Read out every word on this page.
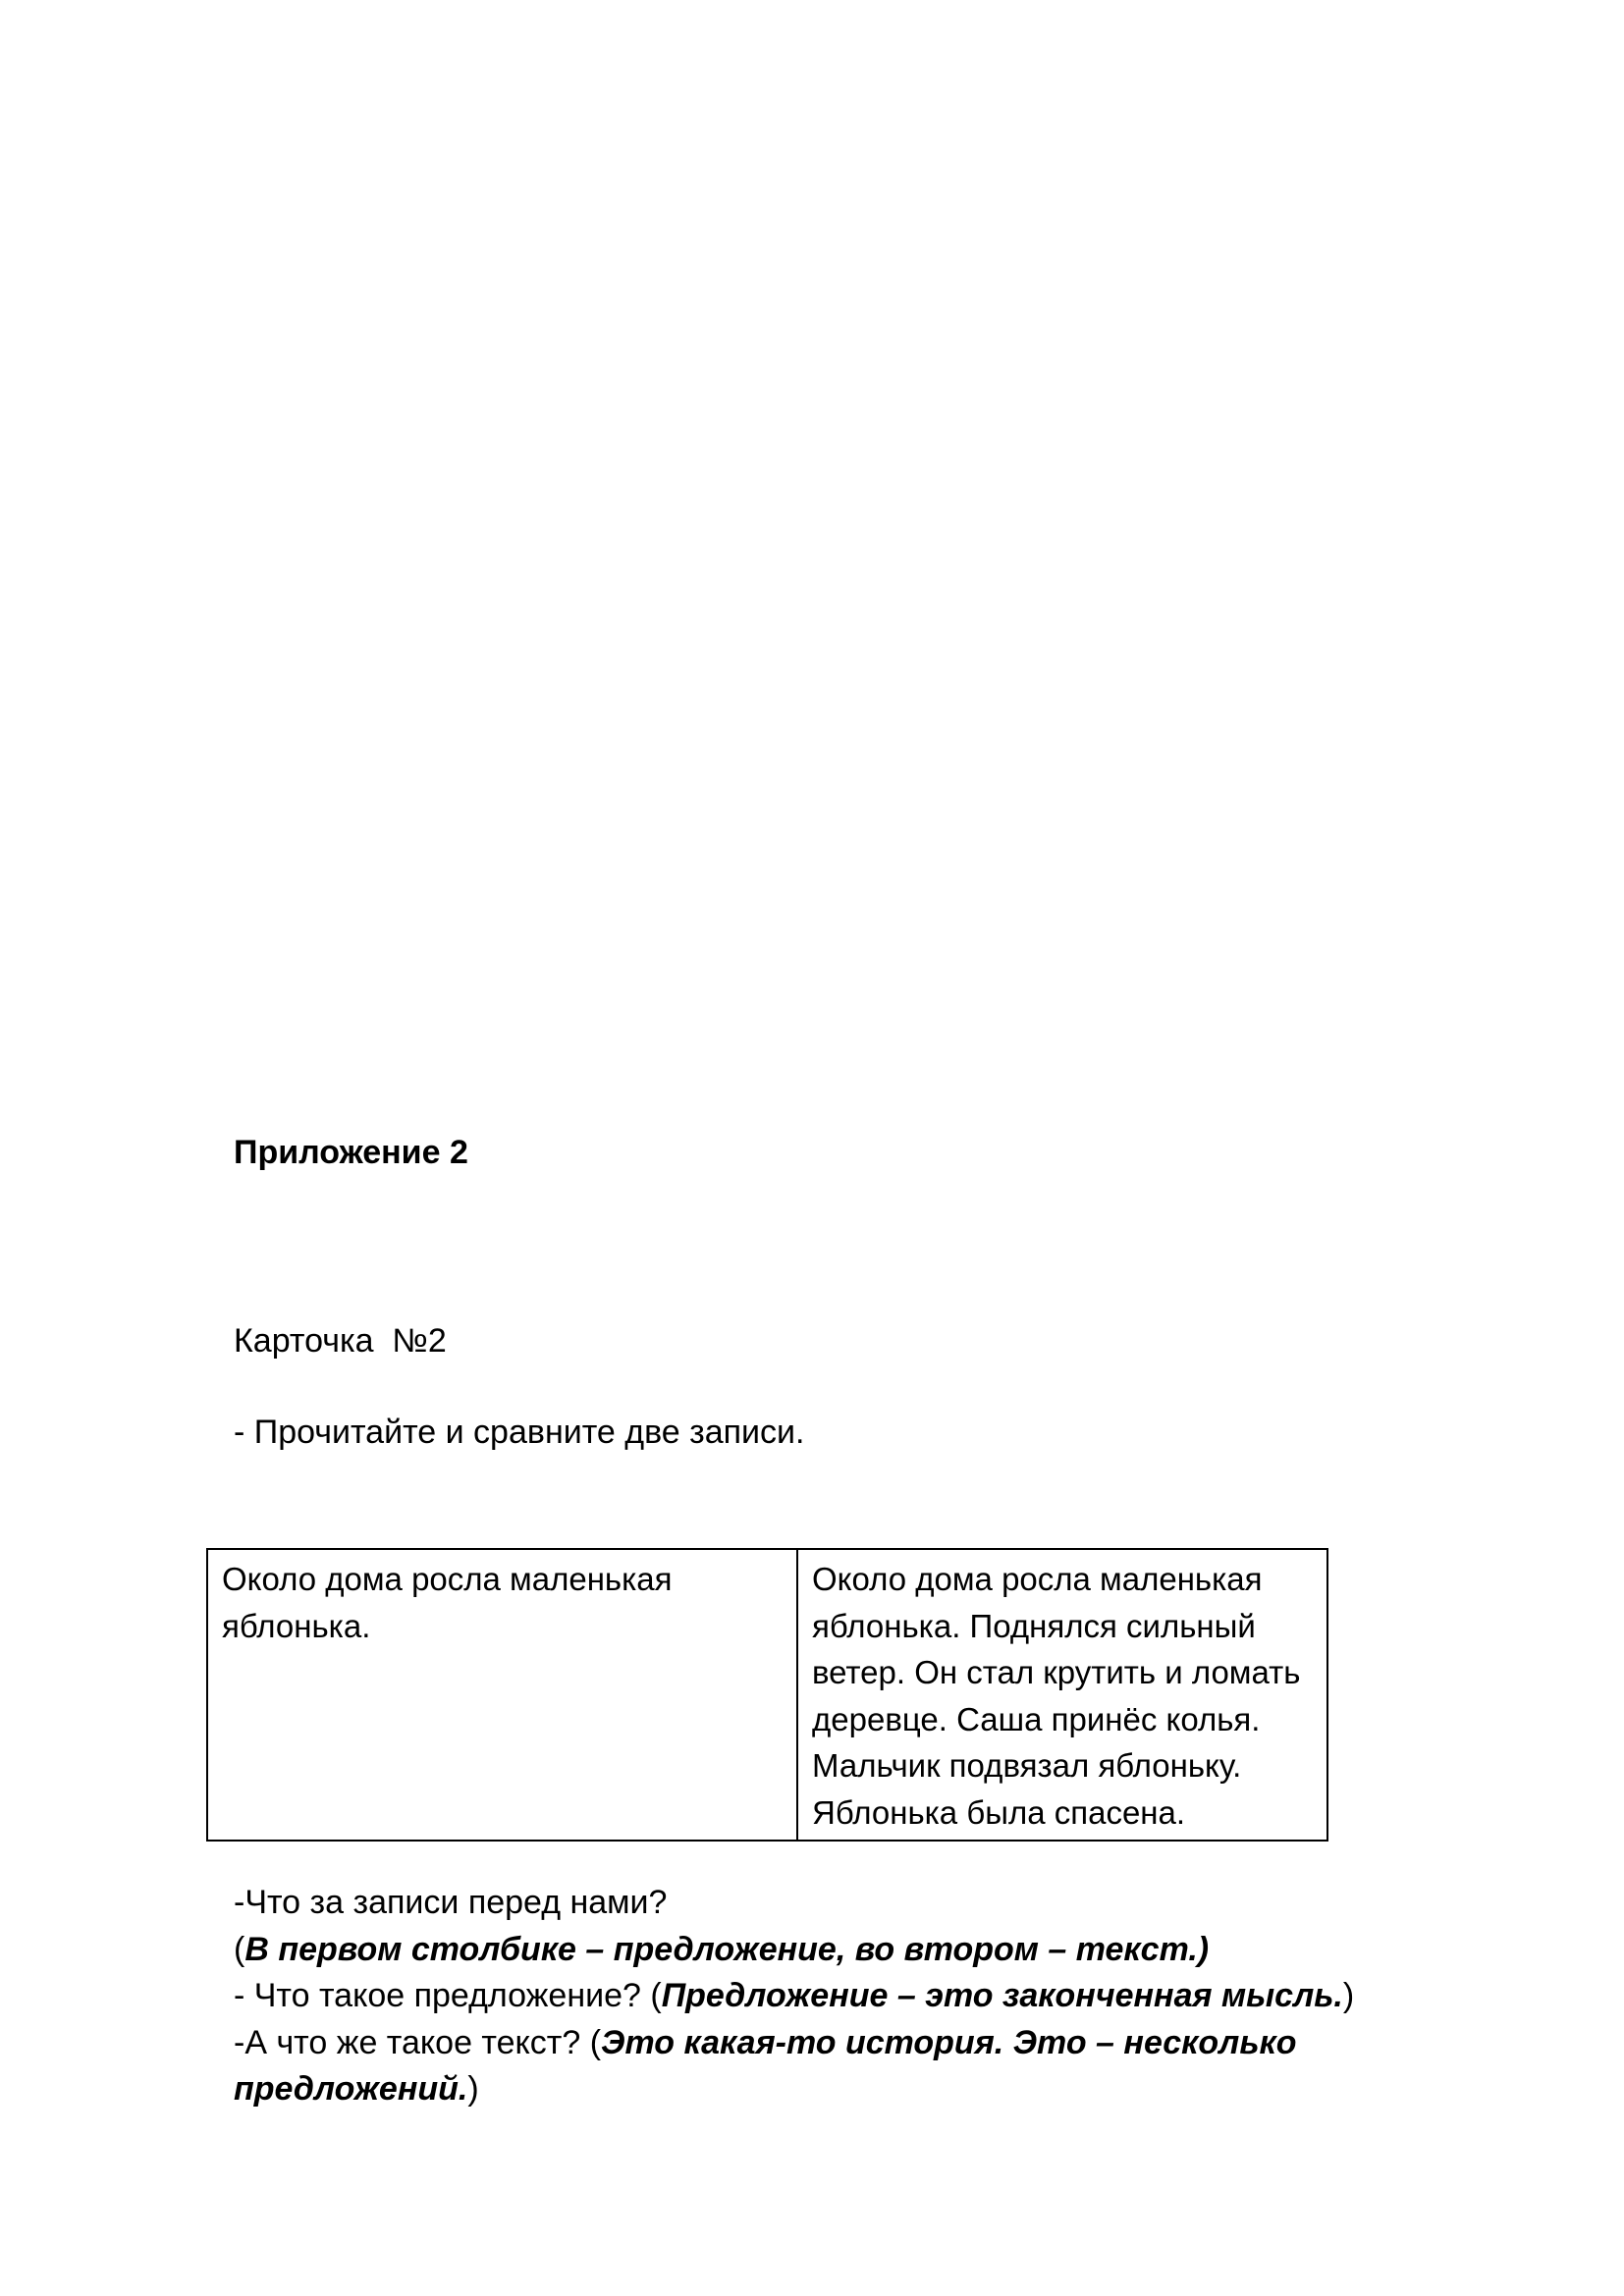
Приложение 2
Карточка  №2
- Прочитайте и сравните две записи.
Около дома росла маленькая яблонька.	Около дома росла маленькая яблонька. Поднялся сильный ветер. Он стал крутить и ломать деревце. Саша принёс колья. Мальчик подвязал яблоньку. Яблонька была спасена.

-Что за записи перед нами?

(В первом столбике – предложение, во втором – текст.)

- Что такое предложение? (Предложение – это законченная мысль.)

-А что же такое текст? (Это какая-то история. Это – несколько предложений.)
